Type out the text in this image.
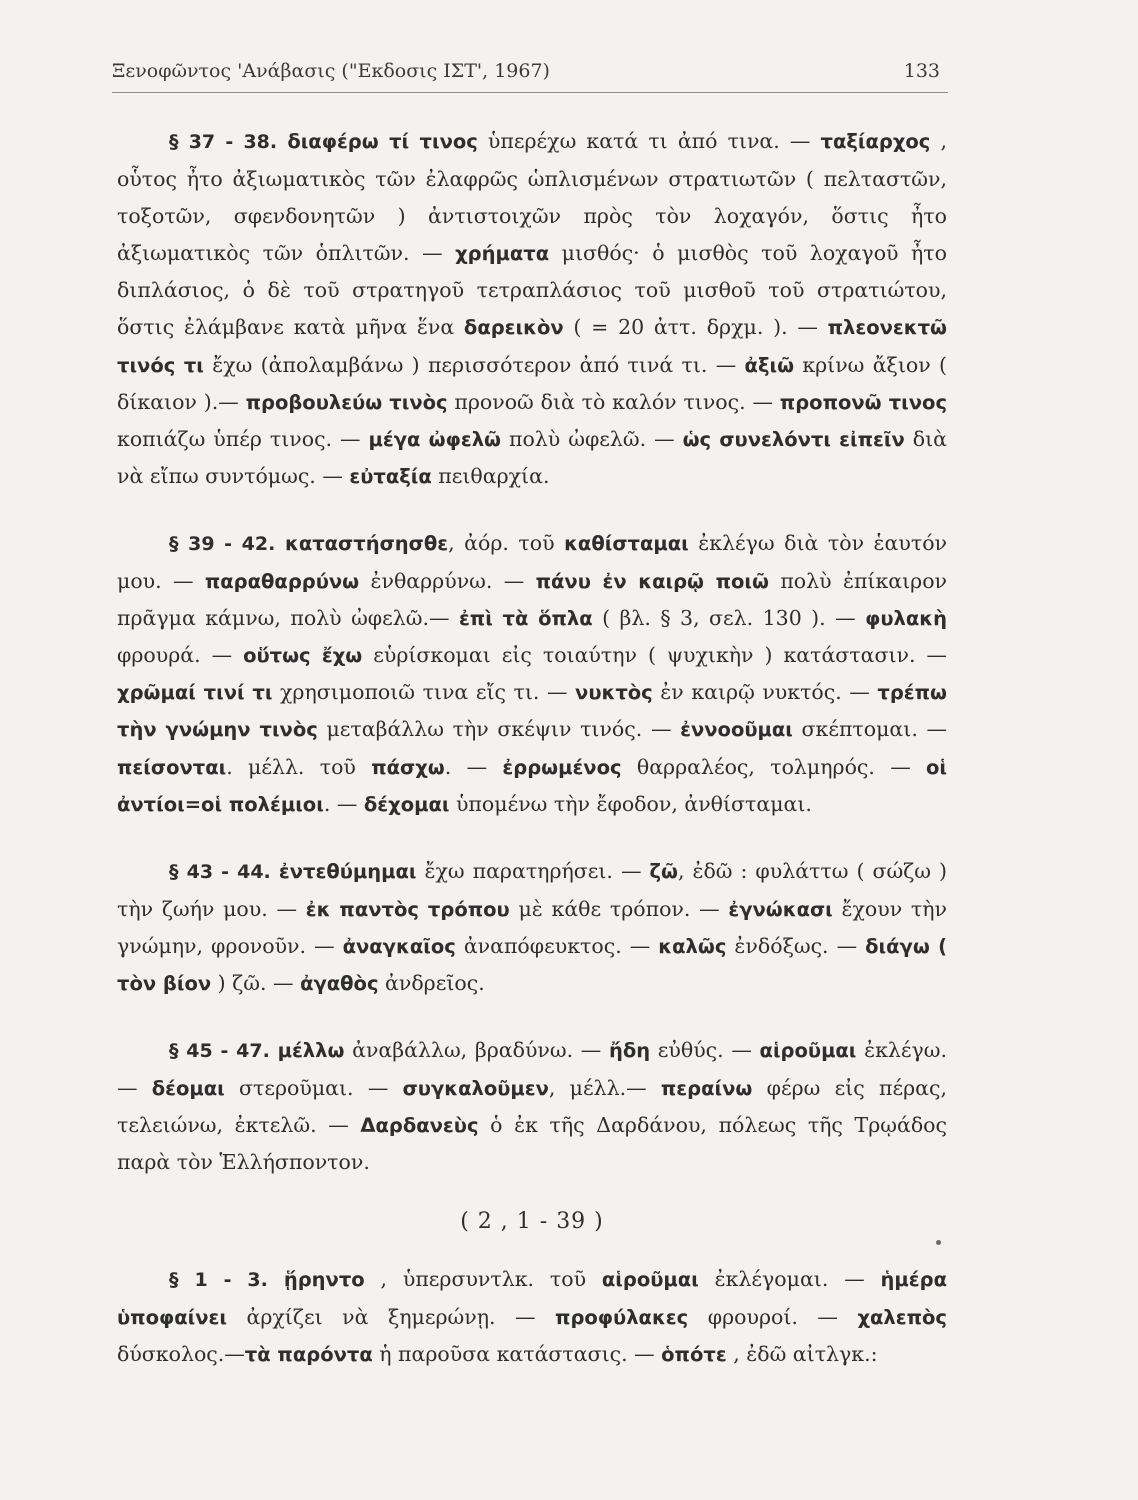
Ξενοφῶντος 'Ανάβασις ("Εκδοσις ΙΣΤ', 1967)	133

§ 37 - 38. διαφέρω τί τινος ὑπερέχω κατά τι ἀπό τινα. — ταξίαρχος , οὗτος ἦτο ἀξιωματικὸς τῶν ἐλαφρῶς ὡπλισμένων στρατιωτῶν ( πελταστῶν, τοξοτῶν, σφενδονητῶν ) ἀντιστοιχῶν πρὸς τὸν λοχαγόν, ὅστις ἦτο ἀξιωματικὸς τῶν ὁπλιτῶν. — χρήματα μισθός· ὁ μισθὸς τοῦ λοχαγοῦ ἦτο διπλάσιος, ὁ δὲ τοῦ στρατηγοῦ τετραπλάσιος τοῦ μισθοῦ τοῦ στρατιώτου, ὅστις ἐλάμβανε κατὰ μῆνα ἕνα δαρεικὸν ( = 20 ἀττ. δρχμ. ). — πλεονεκτῶ τινός τι ἔχω (ἀπολαμβάνω ) περισσότερον ἀπό τινά τι. — ἀξιῶ κρίνω ἄξιον ( δίκαιον ).— προβουλεύω τινὸς προνοῶ διὰ τὸ καλόν τινος. — προπονῶ τινος κοπιάζω ὑπέρ τινος. — μέγα ὠφελῶ πολὺ ὠφελῶ. — ὡς συνελόντι εἰπεῖν διὰ νὰ εἴπω συντόμως. — εὐταξία πειθαρχία.

§ 39 - 42. καταστήσησθε, ἀόρ. τοῦ καθίσταμαι ἐκλέγω διὰ τὸν ἑαυτόν μου. — παραθαρρύνω ἐνθαρρύνω. — πάνυ ἐν καιρῷ ποιῶ πολὺ ἐπίκαιρον πρᾶγμα κάμνω, πολὺ ὠφελῶ.— ἐπὶ τὰ ὅπλα ( βλ. § 3, σελ. 130 ). — φυλακὴ φρουρά. — οὕτως ἔχω εὑρίσκομαι εἰς τοιαύτην ( ψυχικὴν ) κατάστασιν. — χρῶμαί τινί τι χρησιμοποιῶ τινα εἴς τι. — νυκτὸς ἐν καιρῷ νυκτός. — τρέπω τὴν γνώμην τινὸς μεταβάλλω τὴν σκέψιν τινός. — ἐννοοῦμαι σκέπτομαι. — πείσονται. μέλλ. τοῦ πάσχω. — ἐρρωμένος θαρραλέος, τολμηρός. — οἱ ἀντίοι=οἱ πολέμιοι. — δέχομαι ὑπομένω τὴν ἔφοδον, ἀνθίσταμαι.

§ 43 - 44. ἐντεθύμημαι ἔχω παρατηρήσει. — ζῶ, ἐδῶ : φυλάττω ( σώζω ) τὴν ζωήν μου. — ἐκ παντὸς τρόπου μὲ κάθε τρόπον. — ἐγνώκασι ἔχουν τὴν γνώμην, φρονοῦν. — ἀναγκαῖος ἀναπόφευκτος. — καλῶς ἐνδόξως. — διάγω ( τὸν βίον ) ζῶ. — ἀγαθὸς ἀνδρεῖος.

§ 45 - 47. μέλλω ἀναβάλλω, βραδύνω. — ἤδη εὐθύς. — αἱροῦμαι ἐκλέγω. — δέομαι στεροῦμαι. — συγκαλοῦμεν, μέλλ.— περαίνω φέρω εἰς πέρας, τελειώνω, ἐκτελῶ. — Δαρδανεὺς ὁ ἐκ τῆς Δαρδάνου, πόλεως τῆς Τρῳάδος παρὰ τὸν Ἑλλήσποντον.

( 2 , 1 - 39 )

§ 1 - 3. ᾕρηντο , ὑπερσυντλκ. τοῦ αἱροῦμαι ἐκλέγομαι. — ἡμέρα ὑποφαίνει ἀρχίζει νὰ ξημερώνῃ. — προφύλακες φρουροί. — χαλεπὸς δύσκολος.—τὰ παρόντα ἡ παροῦσα κατάστασις. — ὁπότε , ἐδῶ αἰτλγκ.:
